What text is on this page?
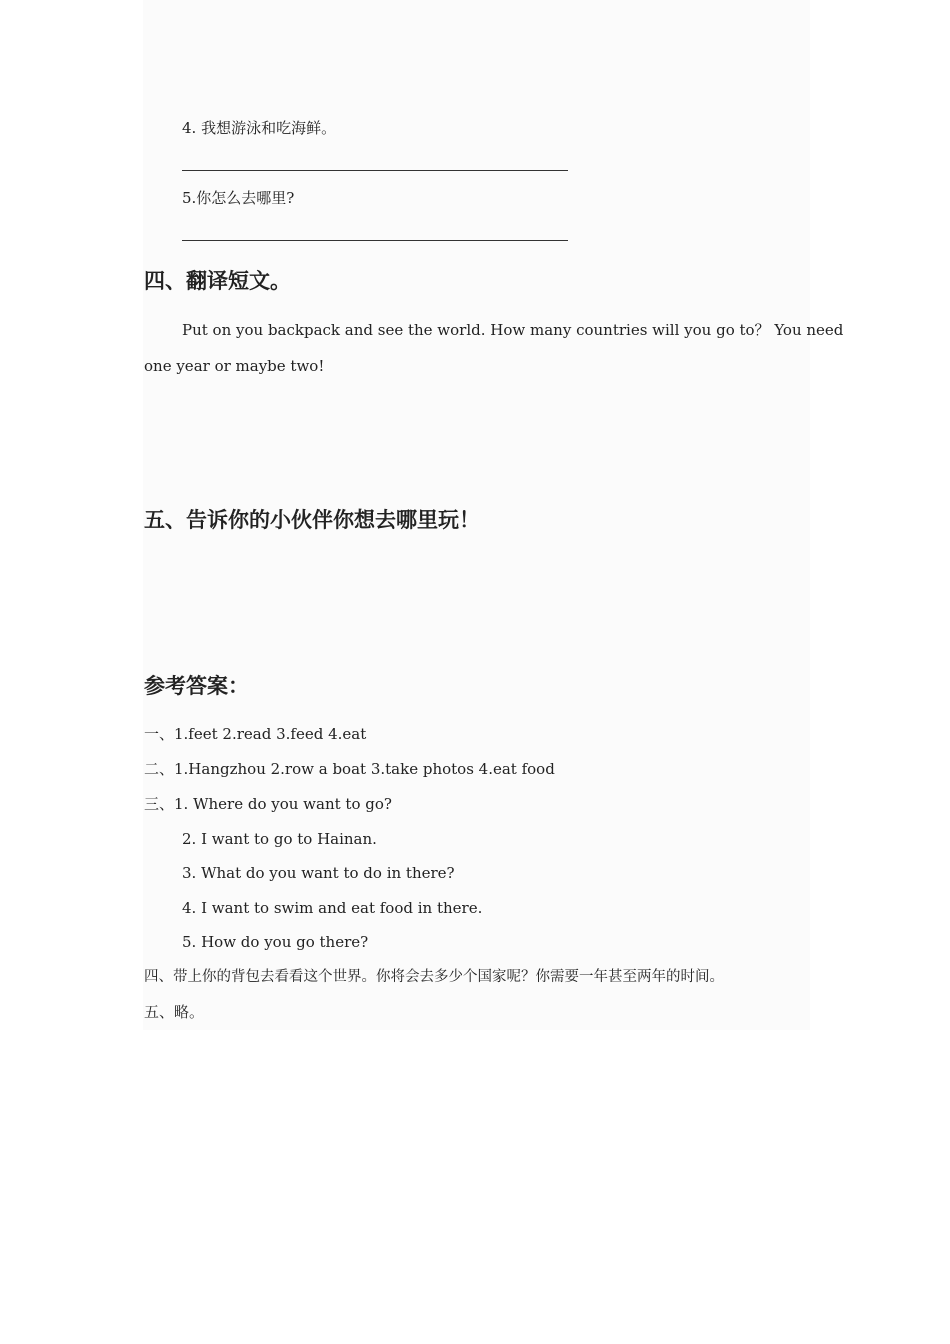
4. 我想游泳和吃海鲜。
5.你怎么去哪里?
四、翻译短文。
Put on you backpack and see the world. How many countries will you go to？ You need
one year or maybe two!
五、告诉你的小伙伴你想去哪里玩！
参考答案：
一、1.feet 2.read 3.feed 4.eat
二、1.Hangzhou 2.row a boat 3.take photos 4.eat food
三、1. Where do you want to go?
2. I want to go to Hainan.
3. What do you want to do in there?
4. I want to swim and eat food in there.
5. How do you go there?
四、带上你的背包去看看这个世界。你将会去多少个国家呢？你需要一年甚至两年的时间。
五、略。
